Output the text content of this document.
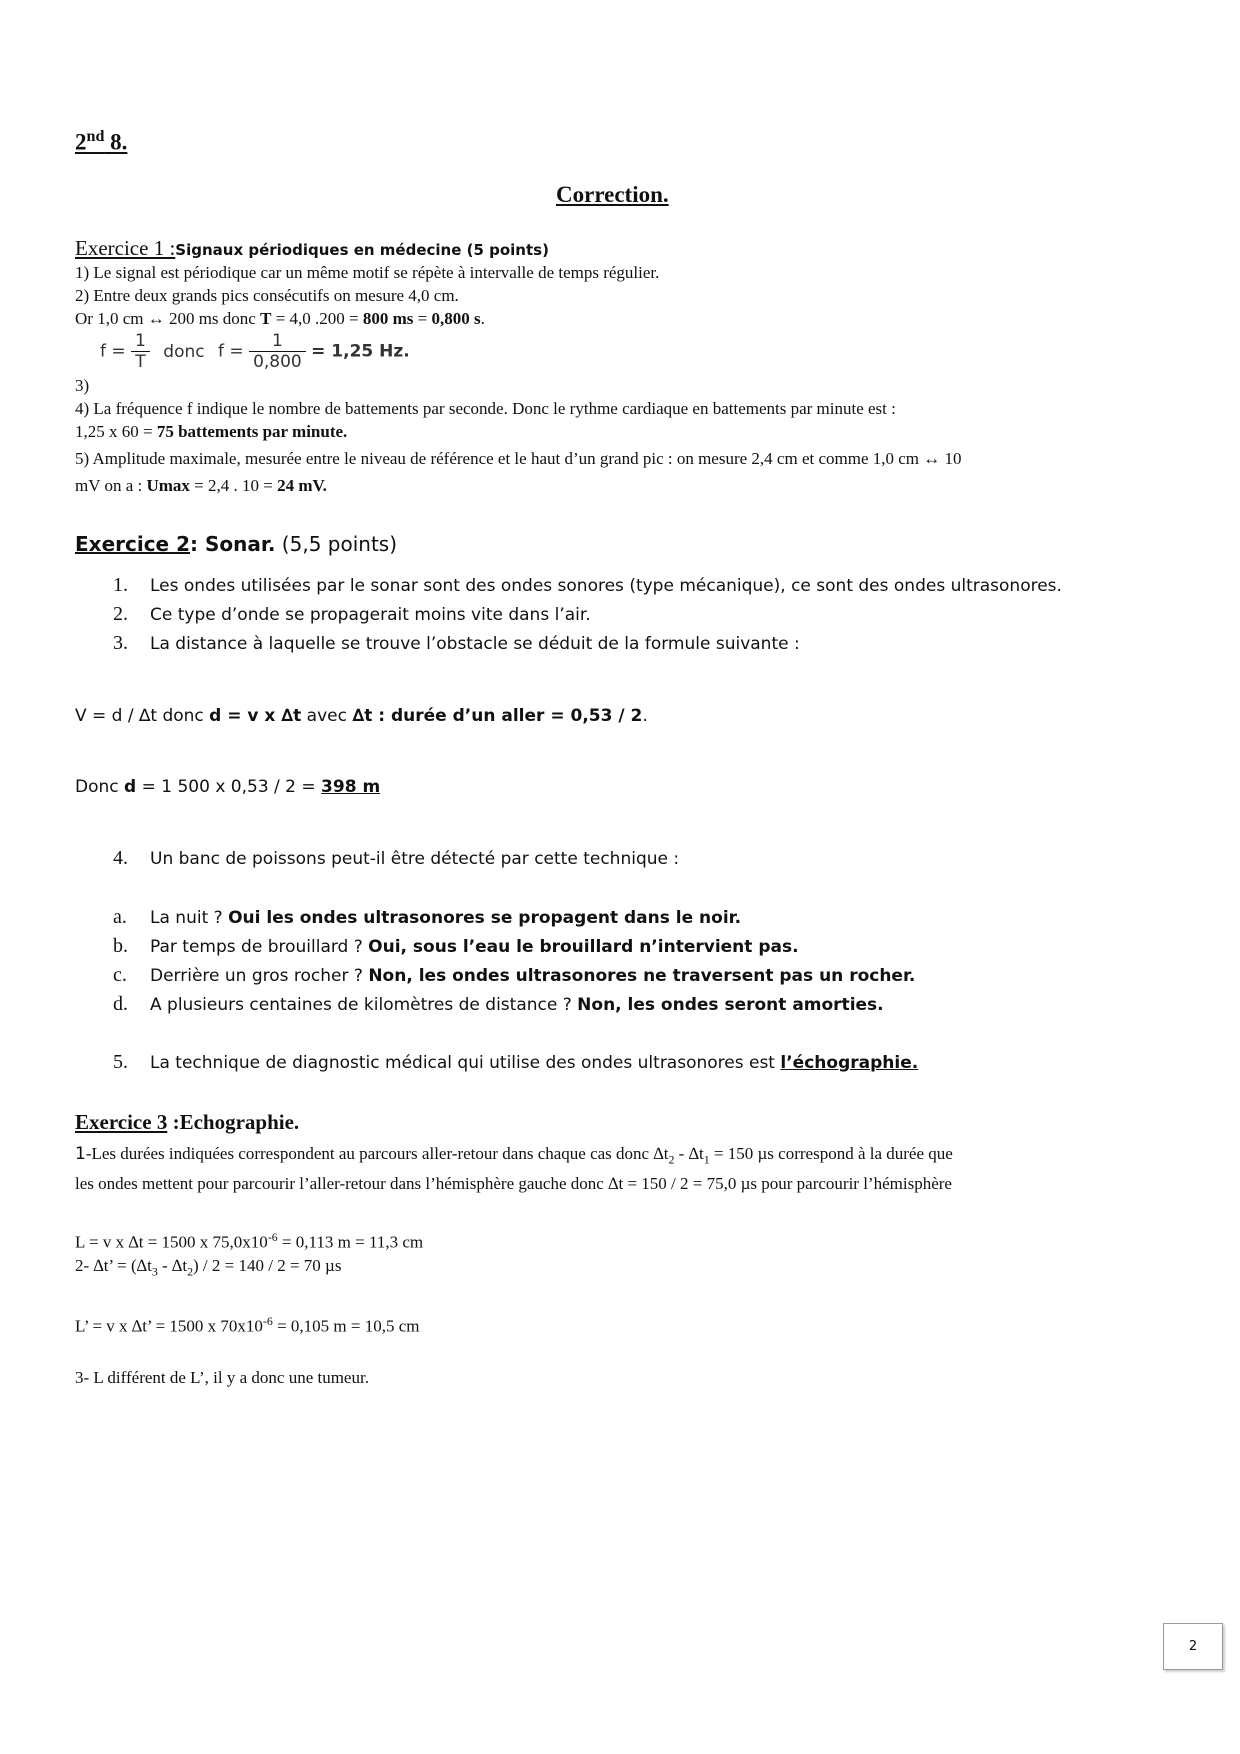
2nd 8.
Correction.
Exercice 1 :Signaux périodiques en médecine (5 points)
1) Le signal est périodique car un même motif se répète à intervalle de temps régulier.
2) Entre deux grands pics consécutifs on mesure 4,0 cm.
Or 1,0 cm ↔ 200 ms donc T = 4,0 .200 = 800 ms = 0,800 s.
$f = \frac{1}{T}$ donc $f = \frac{1}{0,800} = 1,25$ Hz.
3)
4) La fréquence f indique le nombre de battements par seconde. Donc le rythme cardiaque en battements par minute est :
1,25 x 60 = 75 battements par minute.
5) Amplitude maximale, mesurée entre le niveau de référence et le haut d’un grand pic : on mesure 2,4 cm et comme 1,0 cm ↔ 10
mV on a : Umax = 2,4 . 10 = 24 mV.
Exercice 2: Sonar. (5,5 points)
1. Les ondes utilisées par le sonar sont des ondes sonores (type mécanique), ce sont des ondes ultrasonores.
2. Ce type d’onde se propagerait moins vite dans l’air.
3. La distance à laquelle se trouve l’obstacle se déduit de la formule suivante :
V = d / ∆t donc d = v x ∆t avec ∆t : durée d’un aller = 0,53 / 2.
Donc d = 1 500 x 0,53 / 2 = 398 m
4. Un banc de poissons peut-il être détecté par cette technique :
a. La nuit ? Oui les ondes ultrasonores se propagent dans le noir.
b. Par temps de brouillard ? Oui, sous l’eau le brouillard n’intervient pas.
c. Derrière un gros rocher ? Non, les ondes ultrasonores ne traversent pas un rocher.
d. A plusieurs centaines de kilomètres de distance ? Non, les ondes seront amorties.
5. La technique de diagnostic médical qui utilise des ondes ultrasonores est l’échographie.
Exercice 3 :Echographie.
1-Les durées indiquées correspondent au parcours aller-retour dans chaque cas donc $\Delta t_2 - \Delta t_1 = 150$ µs correspond à la durée que
les ondes mettent pour parcourir l’aller-retour dans l’hémisphère gauche donc ∆t = 150 / 2 = 75,0 µs pour parcourir l’hémisphère
L = v x ∆t = 1500 x $75,0x10^{-6} = 0,113$ m = 11,3 cm
2- ∆t’ = $(\Delta t_3 - \Delta t_2) / 2 = 140 / 2 = 70$ µs
L’ = v x ∆t’ = 1500 x $70x10^{-6} = 0,105$ m = 10,5 cm
3- L différent de L’, il y a donc une tumeur.
2
